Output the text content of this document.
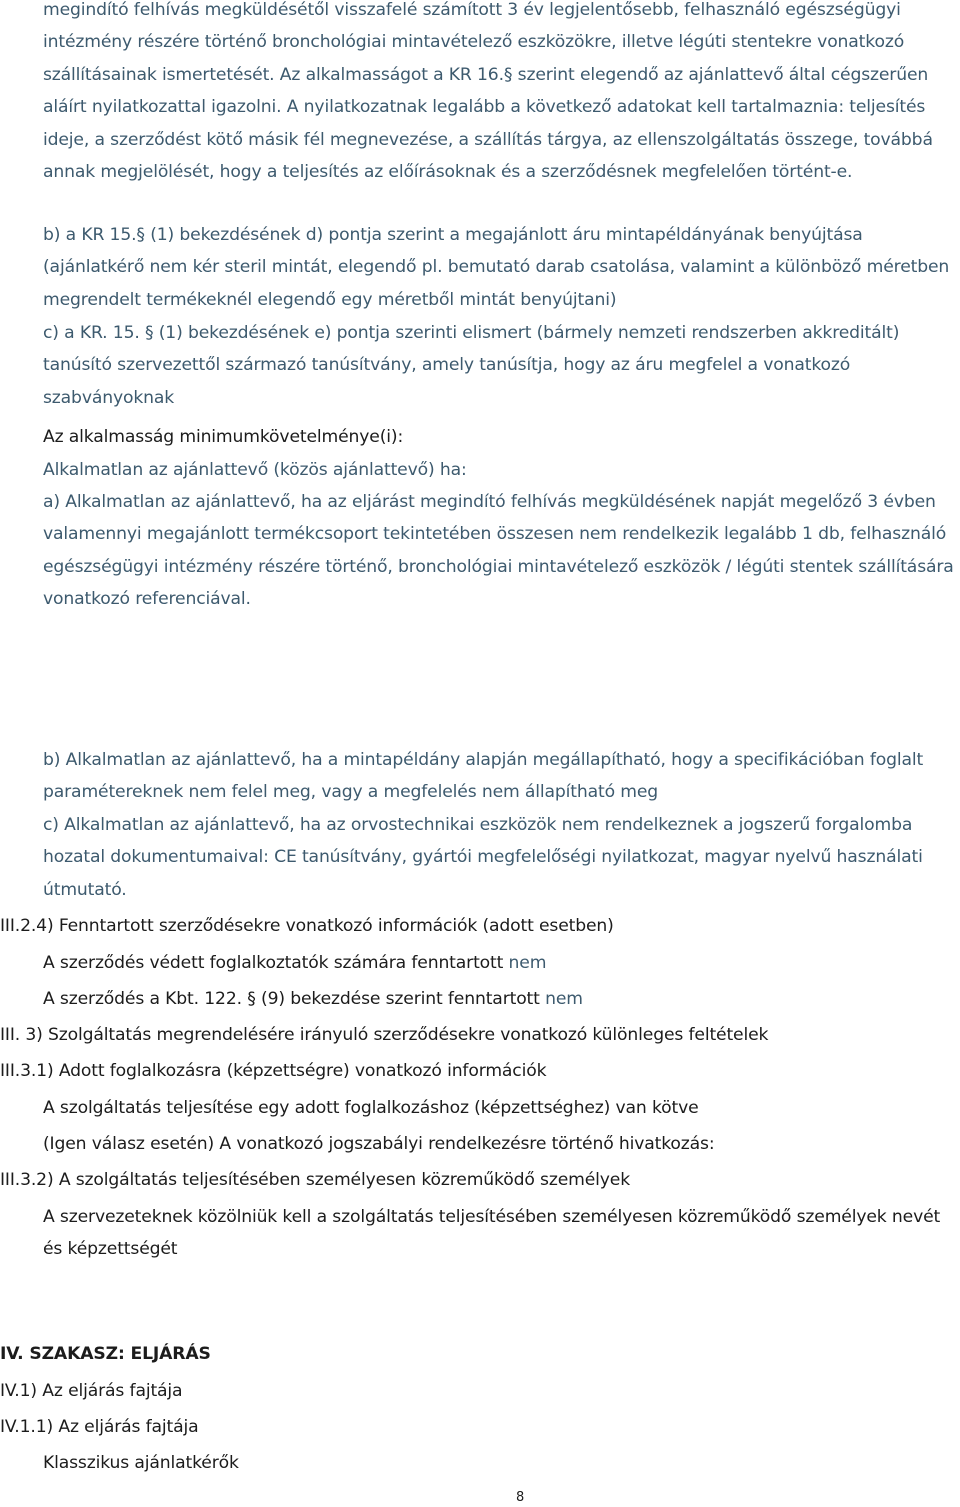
megindító felhívás megküldésétől visszafelé számított 3 év legjelentősebb, felhasználó egészségügyi intézmény részére történő bronchológiai mintavételező eszközökre, illetve légúti stentekre vonatkozó szállításainak ismertetését. Az alkalmasságot a KR 16.§ szerint elegendő az ajánlattevő által cégszerűen aláírt nyilatkozattal igazolni. A nyilatkozatnak legalább a következő adatokat kell tartalmaznia: teljesítés ideje, a szerződést kötő másik fél megnevezése, a szállítás tárgya, az ellenszolgáltatás összege, továbbá annak megjelölését, hogy a teljesítés az előírásoknak és a szerződésnek megfelelően történt-e.

b) a KR 15.§ (1) bekezdésének d) pontja szerint a megajánlott áru mintapéldányának benyújtása (ajánlatkérő nem kér steril mintát, elegendő pl. bemutató darab csatolása, valamint a különböző méretben megrendelt termékeknél elegendő egy méretből mintát benyújtani)

c) a KR. 15. § (1) bekezdésének e) pontja szerinti elismert (bármely nemzeti rendszerben akkreditált) tanúsító szervezettől származó tanúsítvány, amely tanúsítja, hogy az áru megfelel a vonatkozó szabványoknak

Az alkalmasság minimumkövetelménye(i):

Alkalmatlan az ajánlattevő (közös ajánlattevő) ha:

a) Alkalmatlan az ajánlattevő, ha az eljárást megindító felhívás megküldésének napját megelőző 3 évben valamennyi megajánlott termékcsoport tekintetében összesen nem rendelkezik legalább 1 db, felhasználó egészségügyi intézmény részére történő, bronchológiai mintavételező eszközök / légúti stentek szállítására vonatkozó referenciával.

b) Alkalmatlan az ajánlattevő, ha a mintapéldány alapján megállapítható, hogy a specifikációban foglalt paramétereknek nem felel meg, vagy a megfelelés nem állapítható meg

c) Alkalmatlan az ajánlattevő, ha az orvostechnikai eszközök nem rendelkeznek a jogszerű forgalomba hozatal dokumentumaival: CE tanúsítvány, gyártói megfelelőségi nyilatkozat, magyar nyelvű használati útmutató.

III.2.4) Fenntartott szerződésekre vonatkozó információk (adott esetben)

A szerződés védett foglalkoztatók számára fenntartott nem

A szerződés a Kbt. 122. § (9) bekezdése szerint fenntartott nem

III. 3) Szolgáltatás megrendelésére irányuló szerződésekre vonatkozó különleges feltételek

III.3.1) Adott foglalkozásra (képzettségre) vonatkozó információk

A szolgáltatás teljesítése egy adott foglalkozáshoz (képzettséghez) van kötve

(Igen válasz esetén) A vonatkozó jogszabályi rendelkezésre történő hivatkozás:

III.3.2) A szolgáltatás teljesítésében személyesen közreműködő személyek

A szervezeteknek közölniük kell a szolgáltatás teljesítésében személyesen közreműködő személyek nevét és képzettségét

IV. SZAKASZ: ELJÁRÁS

IV.1) Az eljárás fajtája

IV.1.1) Az eljárás fajtája

Klasszikus ajánlatkérők

8
